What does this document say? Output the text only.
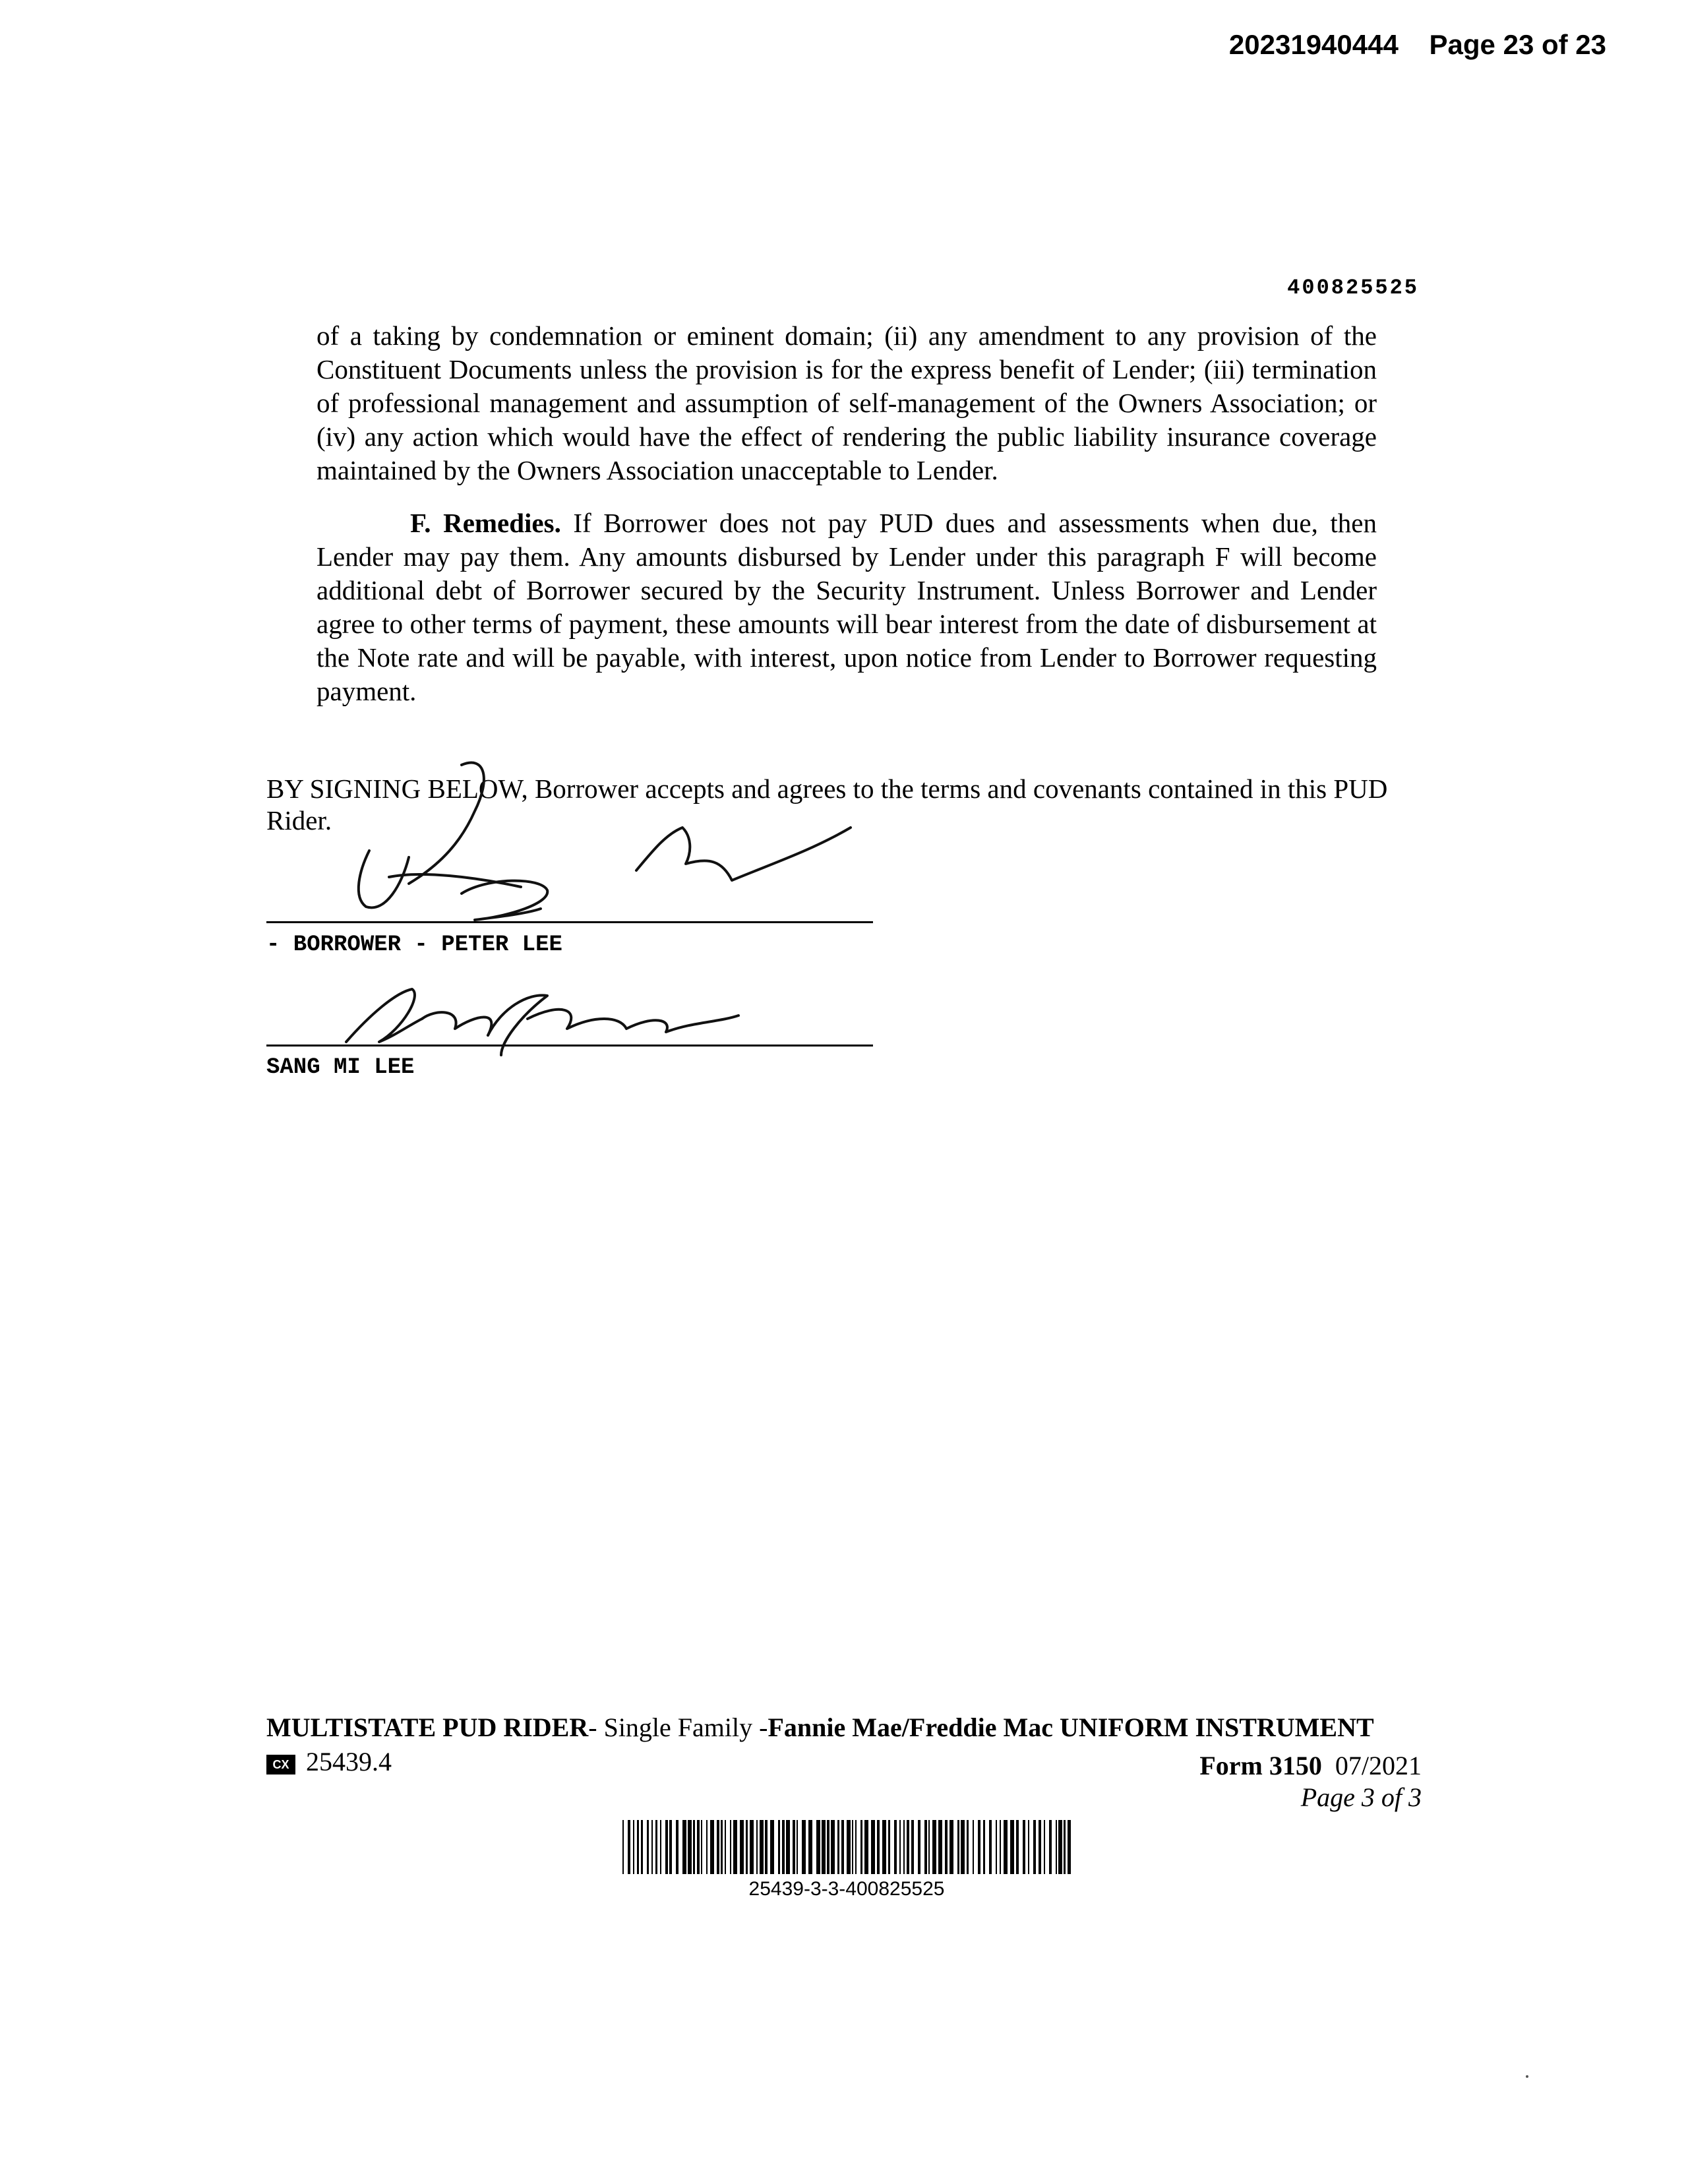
20231940444    Page 23 of 23
400825525
of a taking by condemnation or eminent domain; (ii) any amendment to any provision of the Constituent Documents unless the provision is for the express benefit of Lender; (iii) termination of professional management and assumption of self-management of the Owners Association; or (iv) any action which would have the effect of rendering the public liability insurance coverage maintained by the Owners Association unacceptable to Lender.
F. Remedies. If Borrower does not pay PUD dues and assessments when due, then Lender may pay them. Any amounts disbursed by Lender under this paragraph F will become additional debt of Borrower secured by the Security Instrument. Unless Borrower and Lender agree to other terms of payment, these amounts will bear interest from the date of disbursement at the Note rate and will be payable, with interest, upon notice from Lender to Borrower requesting payment.
BY SIGNING BELOW, Borrower accepts and agrees to the terms and covenants contained in this PUD Rider.
- BORROWER - PETER LEE
SANG MI LEE
MULTISTATE PUD RIDER- Single Family -Fannie Mae/Freddie Mac UNIFORM INSTRUMENT
CX 25439.4	Form 3150 07/2021
Page 3 of 3
25439-3-3-400825525
